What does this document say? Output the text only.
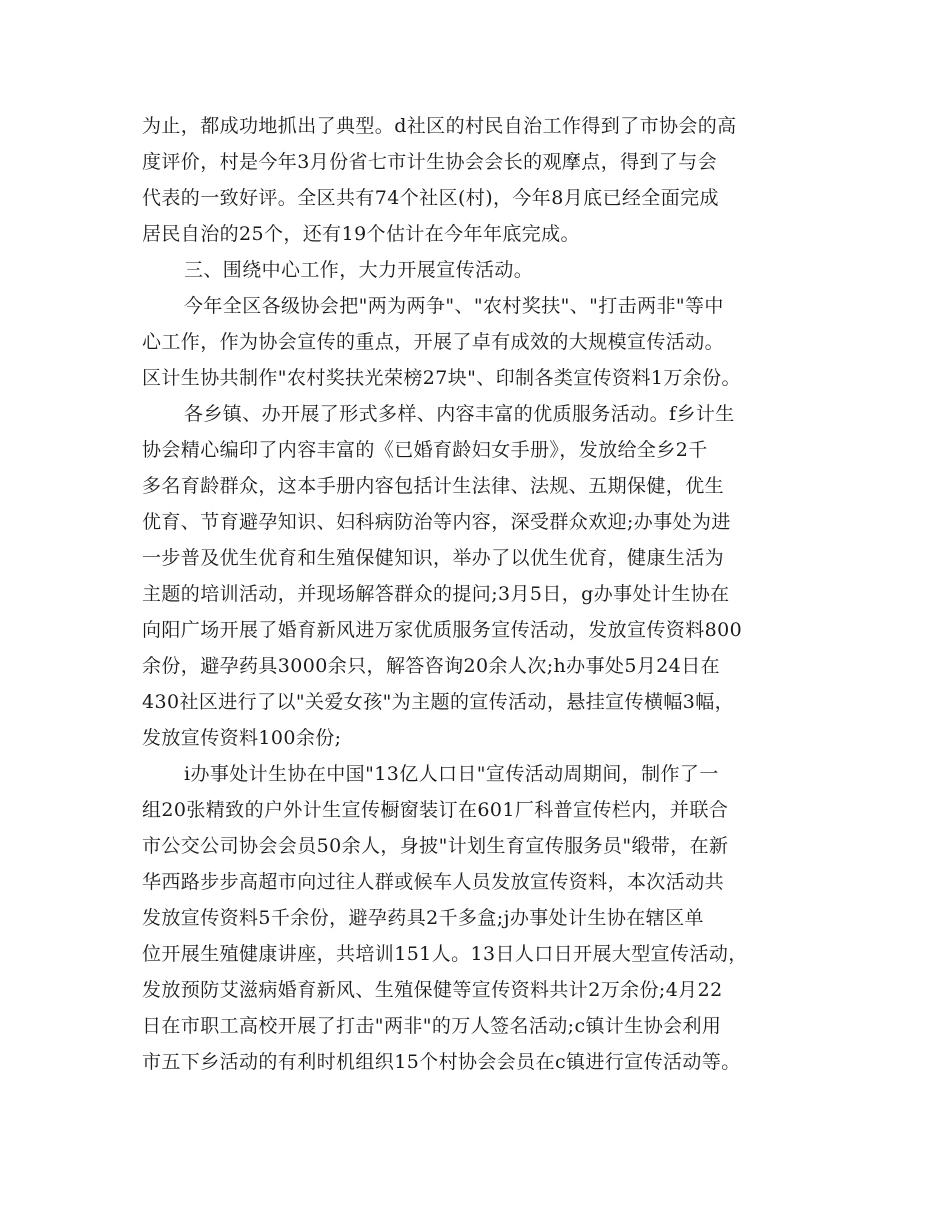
为止，都成功地抓出了典型。d社区的村民自治工作得到了市协会的高
度评价，村是今年3月份省七市计生协会会长的观摩点，得到了与会
代表的一致好评。全区共有74个社区(村)，今年8月底已经全面完成
居民自治的25个，还有19个估计在今年年底完成。
三、围绕中心工作，大力开展宣传活动。
今年全区各级协会把"两为两争"、"农村奖扶"、"打击两非"等中
心工作，作为协会宣传的重点，开展了卓有成效的大规模宣传活动。
区计生协共制作"农村奖扶光荣榜27块"、印制各类宣传资料1万余份。
各乡镇、办开展了形式多样、内容丰富的优质服务活动。f乡计生
协会精心编印了内容丰富的《已婚育龄妇女手册》，发放给全乡2千
多名育龄群众，这本手册内容包括计生法律、法规、五期保健，优生
优育、节育避孕知识、妇科病防治等内容，深受群众欢迎;办事处为进
一步普及优生优育和生殖保健知识，举办了以优生优育，健康生活为
主题的培训活动，并现场解答群众的提问;3月5日，g办事处计生协在
向阳广场开展了婚育新风进万家优质服务宣传活动，发放宣传资料800
余份，避孕药具3000余只，解答咨询20余人次;h办事处5月24日在
430社区进行了以"关爱女孩"为主题的宣传活动，悬挂宣传横幅3幅，
发放宣传资料100余份;
i办事处计生协在中国"13亿人口日"宣传活动周期间，制作了一
组20张精致的户外计生宣传橱窗装订在601厂科普宣传栏内，并联合
市公交公司协会会员50余人，身披"计划生育宣传服务员"缎带，在新
华西路步步高超市向过往人群或候车人员发放宣传资料，本次活动共
发放宣传资料5千余份，避孕药具2千多盒;j办事处计生协在辖区单
位开展生殖健康讲座，共培训151人。13日人口日开展大型宣传活动，
发放预防艾滋病婚育新风、生殖保健等宣传资料共计2万余份;4月22
日在市职工高校开展了打击"两非"的万人签名活动;c镇计生协会利用
市五下乡活动的有利时机组织15个村协会会员在c镇进行宣传活动等。
